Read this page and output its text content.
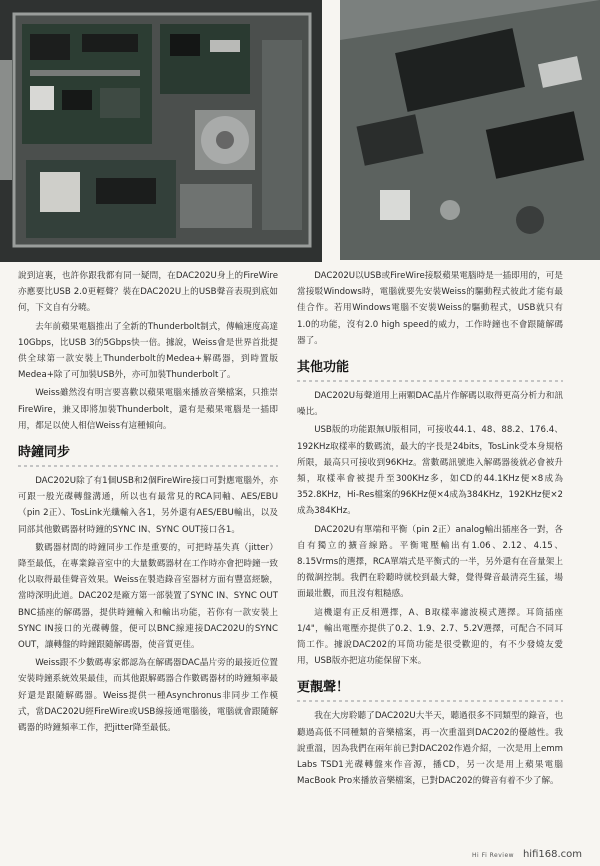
說到這裏，也許你跟我都有同一疑問，在DAC202U身上的FireWire亦應要比USB 2.0更輕聲？裝在DAC202U上的USB聲音表現到底如何，下文自有分曉。

去年前蘋果電腦推出了全新的Thunderbolt制式，傳輸速度高達10Gbps，比USB 3的5Gbps快一倍。據說，Weiss會是世界首批提供全球第一款安裝上Thunderbolt的Medea+解碼器，到時置版Medea+除了可加裝USB外，亦可加裝Thunderbolt了。

Weiss雖然沒有明言要喜歡以蘋果電腦來播放音樂檔案，只推崇FireWire，兼又即將加裝Thunderbolt，還有是蘋果電腦是一插即用，都足以使人相信Weiss有這種傾向。

時鐘同步

DAC202U除了有1個USB和2個FireWire接口可對應電腦外，亦可跟一般光碟轉盤溝通，所以也有最常見的RCA同軸、AES/EBU（pin 2正）、TosLink光纖輸入各1，另外還有AES/EBU輸出，以及同部其他數碼器材時鐘的SYNC IN、SYNC OUT接口各1。

數碼器材間的時鐘同步工作是重要的，可把時基失真（jitter）降至最低，在專業錄音室中的大量數碼器材在工作時亦會把時鐘一致化以取得最佳聲音效果。Weiss在製造錄音室器材方面有豐富經驗，當時深明此道。DAC202是廠方第一部裝置了SYNC IN、SYNC OUT BNC插座的解碼器，提供時鐘輸入和輸出功能，若你有一款安裝上SYNC IN接口的光碟轉盤，便可以BNC線連接DAC202U的SYNC OUT，讓轉盤的時鐘跟隨解碼器，使音質更佳。

Weiss跟不少數碼專家都認為在解碼器DAC晶片旁的最接近位置安裝時鐘系統效果最佳，而其他跟解碼器合作數碼器材的時鐘頻率最好還是跟隨解碼器。Weiss提供一種Asynchronus非同步工作模式，當DAC202U經FireWire或USB線接通電腦後，電腦就會跟隨解碼器的時鐘頻率工作，把jitter降至最低。

DAC202U以USB或FireWire接駁蘋果電腦時是一插即用的，可是當接駁Windows時，電腦就要先安裝Weiss的驅動程式彼此才能有最佳合作。若用Windows電腦不安裝Weiss的驅動程式，USB就只有1.0的功能，沒有2.0 high speed的威力，工作時鐘也不會跟隨解碼器了。

其他功能

DAC202U每聲道用上兩顆DAC晶片作解碼以取得更高分析力和訊噪比。

USB版的功能跟無U版相同，可接收44.1、48、88.2、176.4、192KHz取樣率的數碼流，最大的字長是24bits，TosLink受本身規格所限，最高只可接收到96KHz。當數碼訊號進入解碼器後就必會被升頻，取樣率會被提升至300KHz多，如CD的44.1KHz便×8成為352.8KHz，Hi-Res檔案的96KHz便×4成為384KHz，192KHz便×2成為384KHz。

DAC202U有單端和平衡（pin 2正）analog輸出插座各一對，各自有獨立的擴音線路。平衡電壓輸出有1.06、2.12、4.15、8.15Vrms的選擇，RCA單端式是平衡式的一半，另外還有在音量架上的微調控制。我們在聆聽時就校到最大聲，覺得聲音最清亮生猛，場面最壯觀，而且沒有粗糙感。

這機還有正反相選擇，A、B取樣率濾波模式選擇。耳筒插座1/4"，輸出電壓亦提供了0.2、1.9、2.7、5.2V選擇，可配合不同耳筒工作。據說DAC202的耳筒功能是很受歡迎的，有不少發燒友愛用，USB版亦把這功能保留下來。

更靚聲！

我在大房聆聽了DAC202U大半天，聽過很多不同類型的錄音，也聽過高低不同種類的音樂檔案，再一次重溫到DAC202的優越性。我說重溫，因為我們在兩年前已對DAC202作過介紹，一次是用上emm Labs TSD1光碟轉盤來作音源，播CD，另一次是用上蘋果電腦MacBook Pro來播放音樂檔案，已對DAC202的聲音有着不少了解。

Hi Fi Review hifi168.com
